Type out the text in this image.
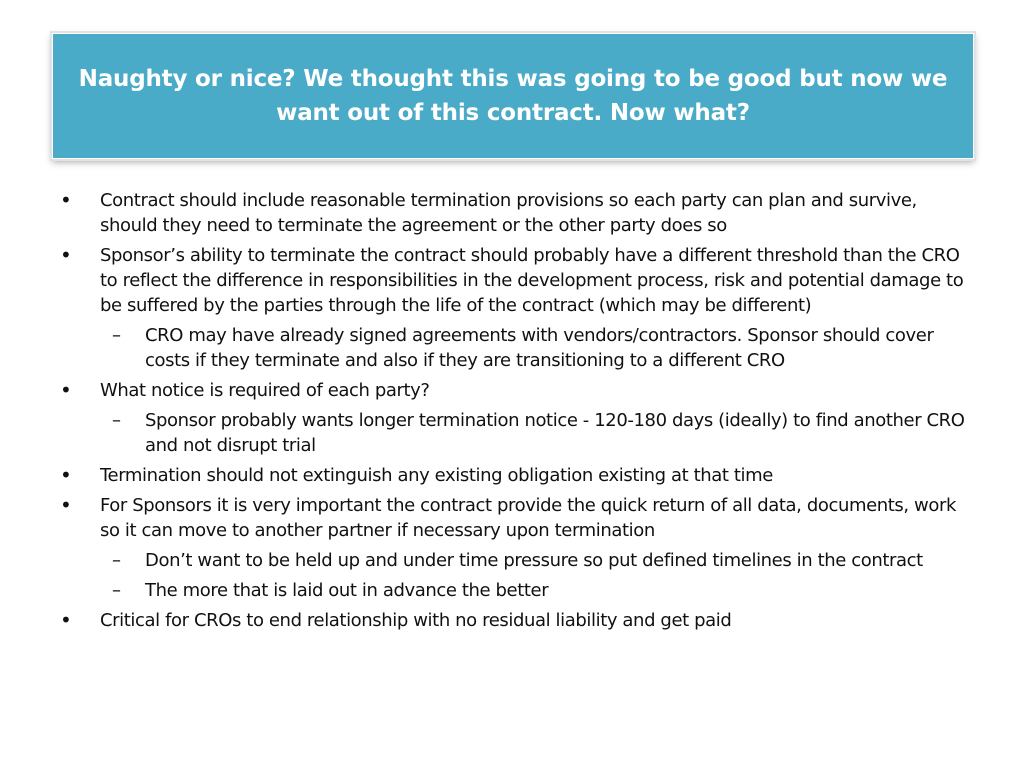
Naughty or nice? We thought this was going to be good but now we want out of this contract. Now what?
• Contract should include reasonable termination provisions so each party can plan and survive, should they need to terminate the agreement or the other party does so
• Sponsor’s ability to terminate the contract should probably have a different threshold than the CRO to reflect the difference in responsibilities in the development process, risk and potential damage to be suffered by the parties through the life of the contract (which may be different)
– CRO may have already signed agreements with vendors/contractors. Sponsor should cover costs if they terminate and also if they are transitioning to a different CRO
• What notice is required of each party?
– Sponsor probably wants longer termination notice - 120-180 days (ideally) to find another CRO and not disrupt trial
• Termination should not extinguish any existing obligation existing at that time
• For Sponsors it is very important the contract provide the quick return of all data, documents, work so it can move to another partner if necessary upon termination
– Don’t want to be held up and under time pressure so put defined timelines in the contract
– The more that is laid out in advance the better
• Critical for CROs to end relationship with no residual liability and get paid
